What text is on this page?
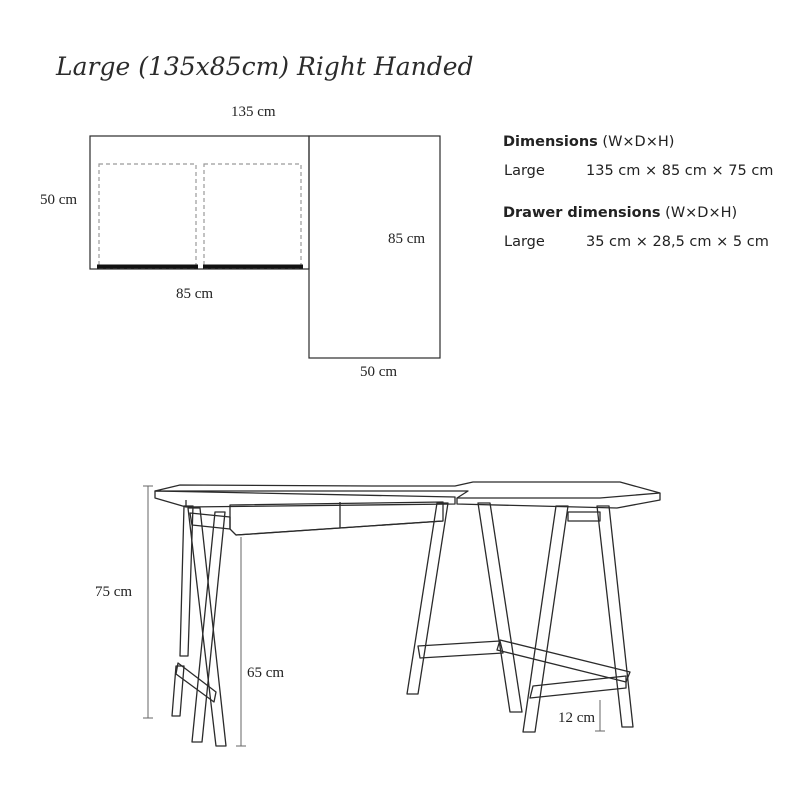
Large (135x85cm) Right Handed
135 cm
50 cm
85 cm
85 cm
50 cm
Dimensions (W×D×H)
Large	135 cm × 85 cm × 75 cm
Drawer dimensions (W×D×H)
Large	35 cm × 28,5 cm × 5 cm
75 cm
65 cm
12 cm
